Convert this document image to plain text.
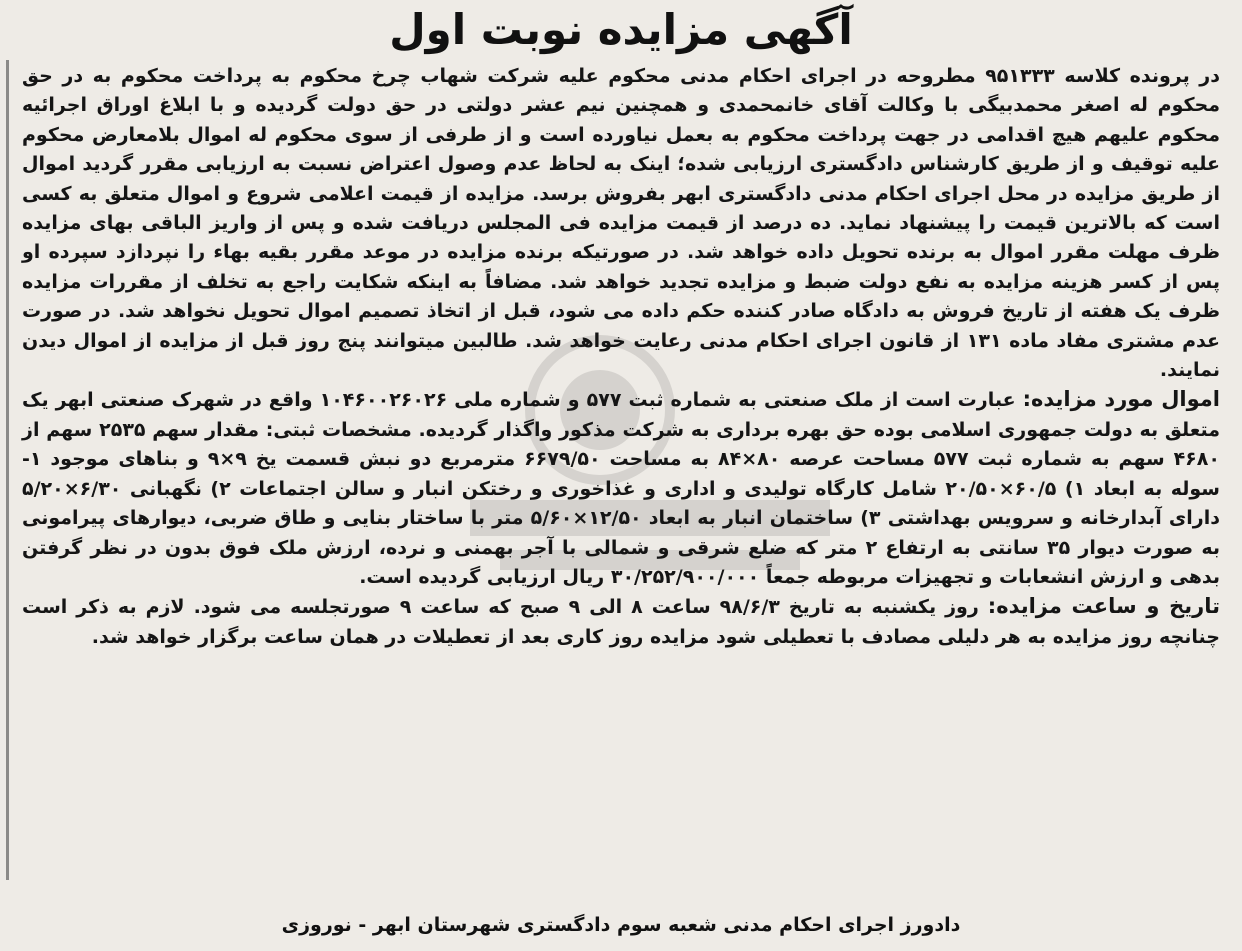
آگهی مزایده نوبت اول

در پرونده کلاسه ۹۵۱۳۳۳ مطروحه در اجرای احکام مدنی محکوم علیه شرکت شهاب چرخ محکوم به پرداخت محکوم به در حق محکوم له اصغر محمدبیگی با وکالت آقای خانمحمدی و همچنین نیم عشر دولتی در حق دولت گردیده و با ابلاغ اوراق اجرائیه محکوم علیهم هیچ اقدامی در جهت پرداخت محکوم به بعمل نیاورده است و از طرفی از سوی محکوم له اموال بلامعارض محکوم علیه توقیف و از طریق کارشناس دادگستری ارزیابی شده؛ اینک به لحاظ عدم وصول اعتراض نسبت به ارزیابی مقرر گردید اموال از طریق مزایده در محل اجرای احکام مدنی دادگستری ابهر بفروش برسد. مزایده از قیمت اعلامی شروع و اموال متعلق به کسی است که بالاترین قیمت را پیشنهاد نماید. ده درصد از قیمت مزایده فی المجلس دریافت شده و پس از واریز الباقی بهای مزایده ظرف مهلت مقرر اموال به برنده تحویل داده خواهد شد. در صورتیکه برنده مزایده در موعد مقرر بقیه بهاء را نپردازد سپرده او پس از کسر هزینه مزایده به نفع دولت ضبط و مزایده تجدید خواهد شد. مضافاً به اینکه شکایت راجع به تخلف از مقررات مزایده ظرف یک هفته از تاریخ فروش به دادگاه صادر کننده حکم داده می شود، قبل از اتخاذ تصمیم اموال تحویل نخواهد شد. در صورت عدم مشتری مفاد ماده ۱۳۱ از قانون اجرای احکام مدنی رعایت خواهد شد. طالبین میتوانند پنج روز قبل از مزایده از اموال دیدن نمایند.

اموال مورد مزایده: عبارت است از ملک صنعتی به شماره ثبت ۵۷۷ و شماره ملی ۱۰۴۶۰۰۲۶۰۲۶ واقع در شهرک صنعتی ابهر یک متعلق به دولت جمهوری اسلامی بوده حق بهره برداری به شرکت مذکور واگذار گردیده. مشخصات ثبتی: مقدار سهم ۲۵۳۵ سهم از ۴۶۸۰ سهم به شماره ثبت ۵۷۷ مساحت عرصه ۸۰×۸۴ به مساحت ۶۶۷۹/۵۰ مترمربع دو نبش قسمت یخ ۹×۹ و بناهای موجود ۱- سوله به ابعاد ۱) ۶۰/۵×۲۰/۵۰ شامل کارگاه تولیدی و اداری و غذاخوری و رختکن انبار و سالن اجتماعات ۲) نگهبانی ۶/۳۰×۵/۲۰ دارای آبدارخانه و سرویس بهداشتی ۳) ساختمان انبار به ابعاد ۱۲/۵۰×۵/۶۰ متر با ساختار بنایی و طاق ضربی، دیوارهای پیرامونی به صورت دیوار ۳۵ سانتی به ارتفاع ۲ متر که ضلع شرقی و شمالی با آجر بهمنی و نرده، ارزش ملک فوق بدون در نظر گرفتن بدهی و ارزش انشعابات و تجهیزات مربوطه جمعاً ۳۰/۲۵۲/۹۰۰/۰۰۰ ریال ارزیابی گردیده است.

تاریخ و ساعت مزایده: روز یکشنبه به تاریخ ۹۸/۶/۳ ساعت ۸ الی ۹ صبح که ساعت ۹ صورتجلسه می شود. لازم به ذکر است چنانچه روز مزایده به هر دلیلی مصادف با تعطیلی شود مزایده روز کاری بعد از تعطیلات در همان ساعت برگزار خواهد شد.

دادورز اجرای احکام مدنی شعبه سوم دادگستری شهرستان ابهر - نوروزی
